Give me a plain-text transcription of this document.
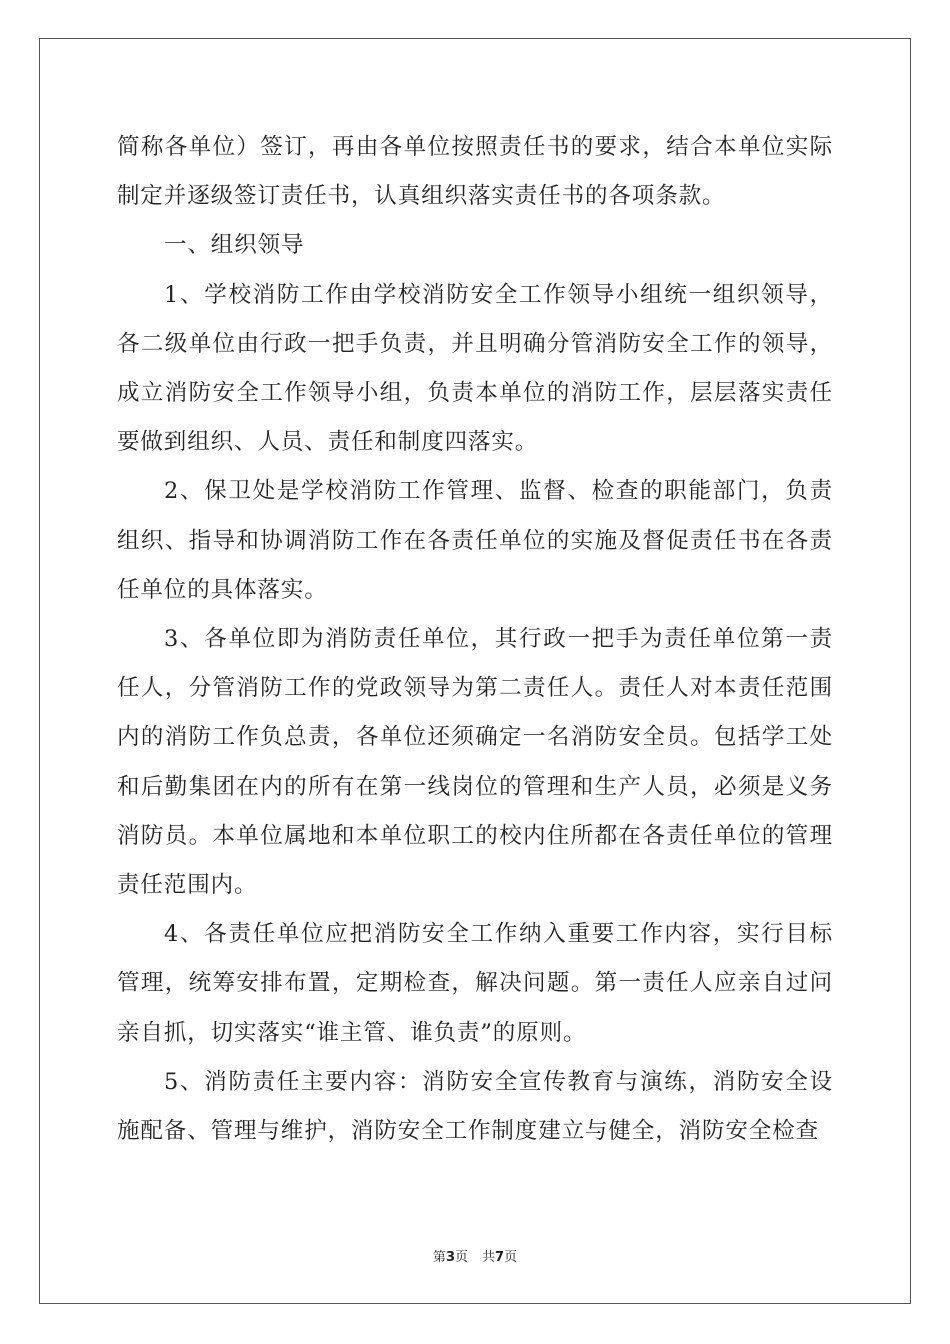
简称各单位）签订，再由各单位按照责任书的要求，结合本单位实际制定并逐级签订责任书，认真组织落实责任书的各项条款。

一、组织领导

1、学校消防工作由学校消防安全工作领导小组统一组织领导，各二级单位由行政一把手负责，并且明确分管消防安全工作的领导，成立消防安全工作领导小组，负责本单位的消防工作，层层落实责任要做到组织、人员、责任和制度四落实。

2、保卫处是学校消防工作管理、监督、检查的职能部门，负责组织、指导和协调消防工作在各责任单位的实施及督促责任书在各责任单位的具体落实。

3、各单位即为消防责任单位，其行政一把手为责任单位第一责任人，分管消防工作的党政领导为第二责任人。责任人对本责任范围内的消防工作负总责，各单位还须确定一名消防安全员。包括学工处和后勤集团在内的所有在第一线岗位的管理和生产人员，必须是义务消防员。本单位属地和本单位职工的校内住所都在各责任单位的管理责任范围内。

4、各责任单位应把消防安全工作纳入重要工作内容，实行目标管理，统筹安排布置，定期检查，解决问题。第一责任人应亲自过问亲自抓，切实落实“谁主管、谁负责”的原则。

5、消防责任主要内容：消防安全宣传教育与演练，消防安全设施配备、管理与维护，消防安全工作制度建立与健全，消防安全检查

第3页 共7页
